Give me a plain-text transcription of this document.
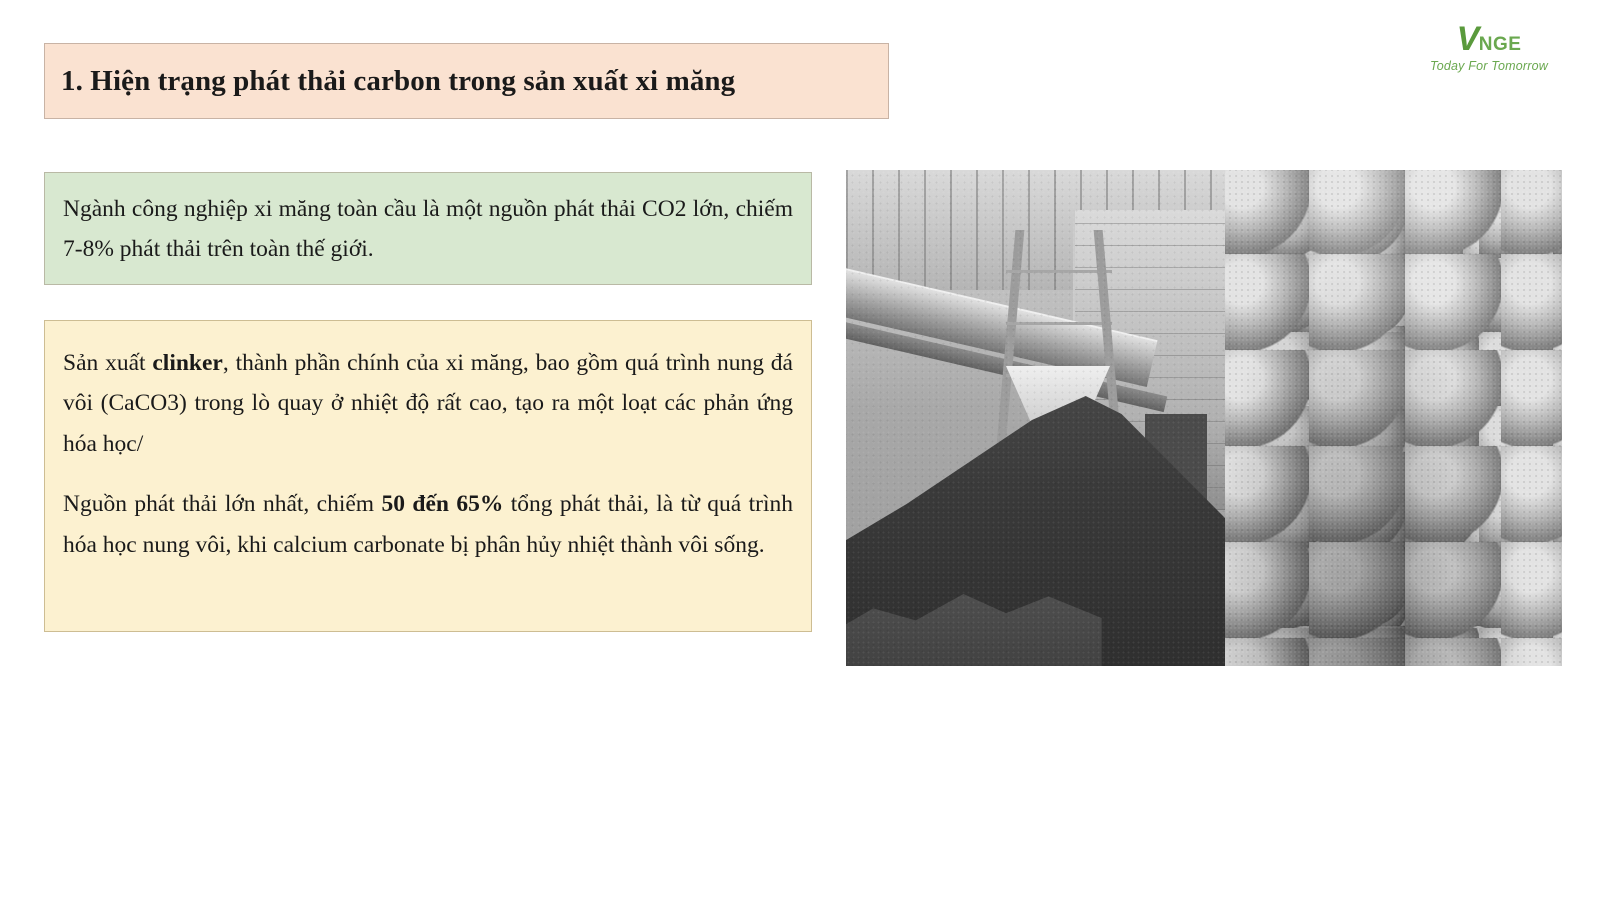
VNGE
Today For Tomorrow
1. Hiện trạng phát thải carbon trong sản xuất xi măng

Ngành công nghiệp xi măng toàn cầu là một nguồn phát thải CO2 lớn, chiếm 7-8% phát thải trên toàn thế giới.

Sản xuất clinker, thành phần chính của xi măng, bao gồm quá trình nung đá vôi (CaCO3) trong lò quay ở nhiệt độ rất cao, tạo ra một loạt các phản ứng hóa học/

Nguồn phát thải lớn nhất, chiếm 50 đến 65% tổng phát thải, là từ quá trình hóa học nung vôi, khi calcium carbonate bị phân hủy nhiệt thành vôi sống.
